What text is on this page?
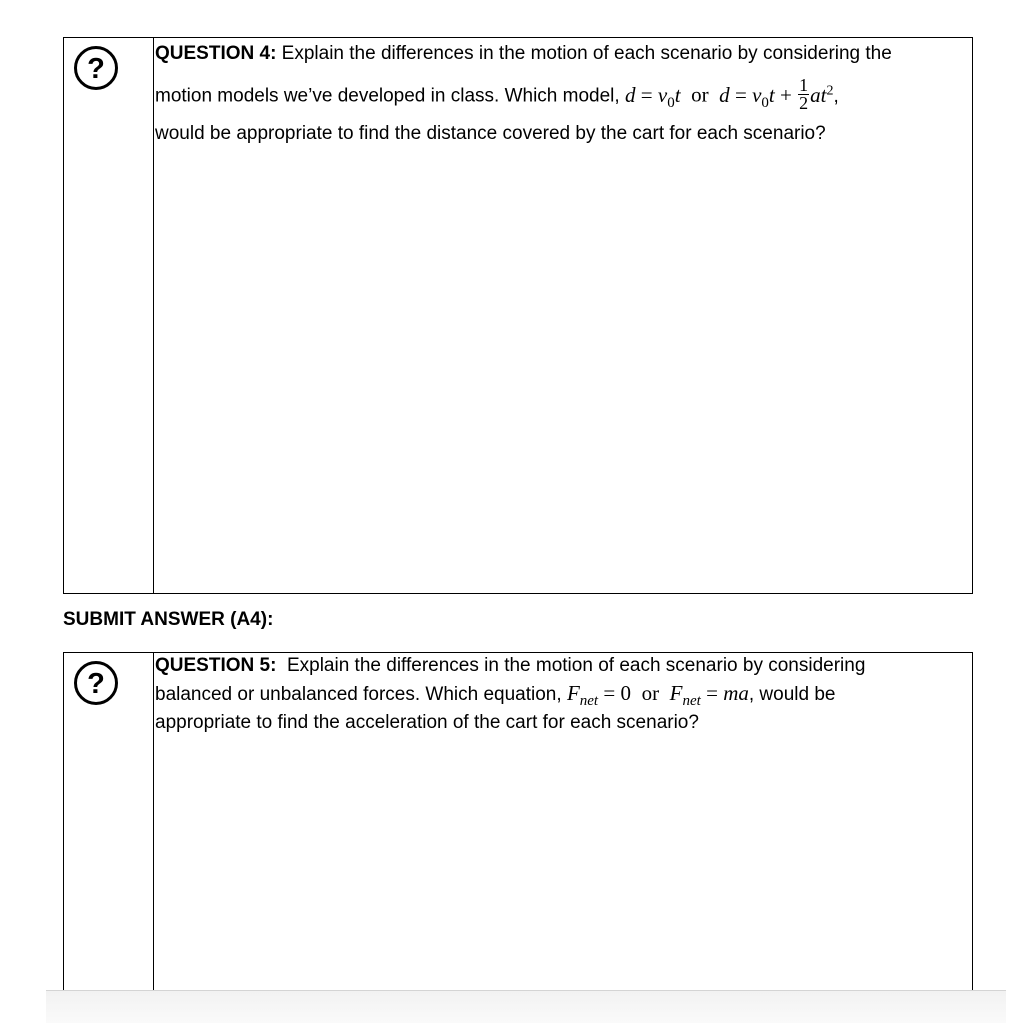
?	QUESTION 4: Explain the differences in the motion of each scenario by considering the

motion models we’ve developed in class. Which model, $d = v_0t$ or $d = v_0t + \frac{1}{2} at^2$,

would be appropriate to find the distance covered by the cart for each scenario?

SUBMIT ANSWER (A4):

?

QUESTION 5:  Explain the differences in the motion of each scenario by considering

balanced or unbalanced forces. Which equation, $F_{net} = 0$ or $F_{net}$ = ma, would be

appropriate to find the acceleration of the cart for each scenario?
